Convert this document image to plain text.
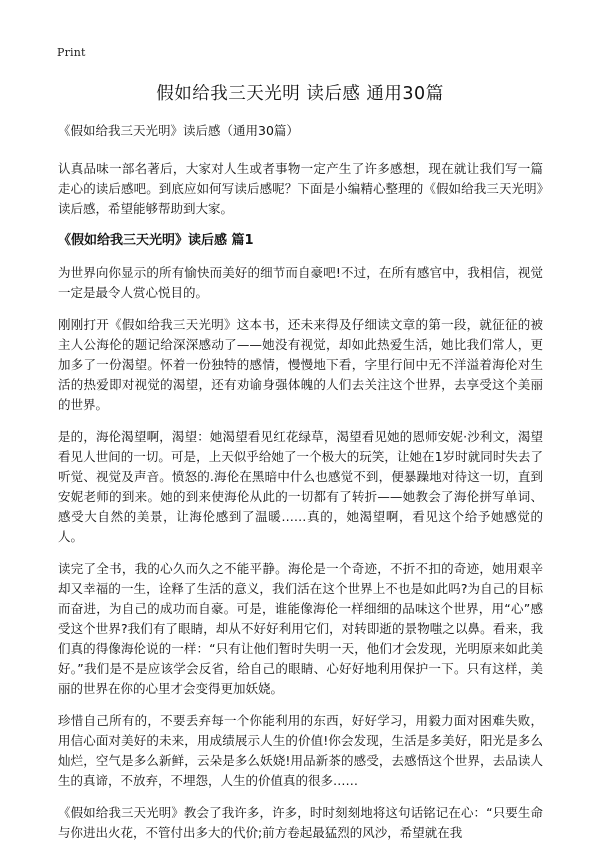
Print
假如给我三天光明 读后感 通用30篇
《假如给我三天光明》读后感（通用30篇）

认真品味一部名著后，大家对人生或者事物一定产生了许多感想，现在就让我们写一篇走心的读后感吧。到底应如何写读后感呢？下面是小编精心整理的《假如给我三天光明》读后感，希望能够帮助到大家。

《假如给我三天光明》读后感 篇1

为世界向你显示的所有愉快而美好的细节而自豪吧!不过，在所有感官中，我相信，视觉一定是最令人赏心悦目的。

刚刚打开《假如给我三天光明》这本书，还未来得及仔细读文章的第一段，就征征的被主人公海伦的题记给深深感动了——她没有视觉，却如此热爱生活，她比我们常人，更加多了一份渴望。怀着一份独特的感情，慢慢地下看，字里行间中无不洋溢着海伦对生活的热爱即对视觉的渴望，还有劝谕身强体魄的人们去关注这个世界，去享受这个美丽的世界。

是的，海伦渴望啊，渴望：她渴望看见红花绿草，渴望看见她的恩师安妮·沙利文，渴望看见人世间的一切。可是，上天似乎给她了一个极大的玩笑，让她在1岁时就同时失去了听觉、视觉及声音。愤怒的.海伦在黑暗中什么也感觉不到，便暴躁地对待这一切，直到安妮老师的到来。她的到来使海伦从此的一切都有了转折——她教会了海伦拼写单词、感受大自然的美景，让海伦感到了温暖……真的，她渴望啊，看见这个给予她感觉的人。

读完了全书，我的心久而久之不能平静。海伦是一个奇迹，不折不扣的奇迹，她用艰辛却又幸福的一生，诠释了生活的意义，我们活在这个世界上不也是如此吗?为自己的目标而奋进，为自己的成功而自豪。可是，谁能像海伦一样细细的品味这个世界，用“心”感受这个世界?我们有了眼睛，却从不好好利用它们，对转即逝的景物嗤之以鼻。看来，我们真的得像海伦说的一样：“只有让他们暂时失明一天，他们才会发现，光明原来如此美好。”我们是不是应该学会反省，给自己的眼睛、心好好地利用保护一下。只有这样，美丽的世界在你的心里才会变得更加妖娆。

珍惜自己所有的，不要丢弃每一个你能利用的东西，好好学习，用毅力面对困难失败，用信心面对美好的未来，用成绩展示人生的价值!你会发现，生活是多美好，阳光是多么灿烂，空气是多么新鲜，云朵是多么妖娆!用品新茶的感受，去感悟这个世界，去品读人生的真谛，不放弃，不埋怨，人生的价值真的很多……

《假如给我三天光明》教会了我许多，许多，时时刻刻地将这句话铭记在心：“只要生命与你进出火花，不管付出多大的代价;前方卷起最猛烈的风沙，希望就在我
